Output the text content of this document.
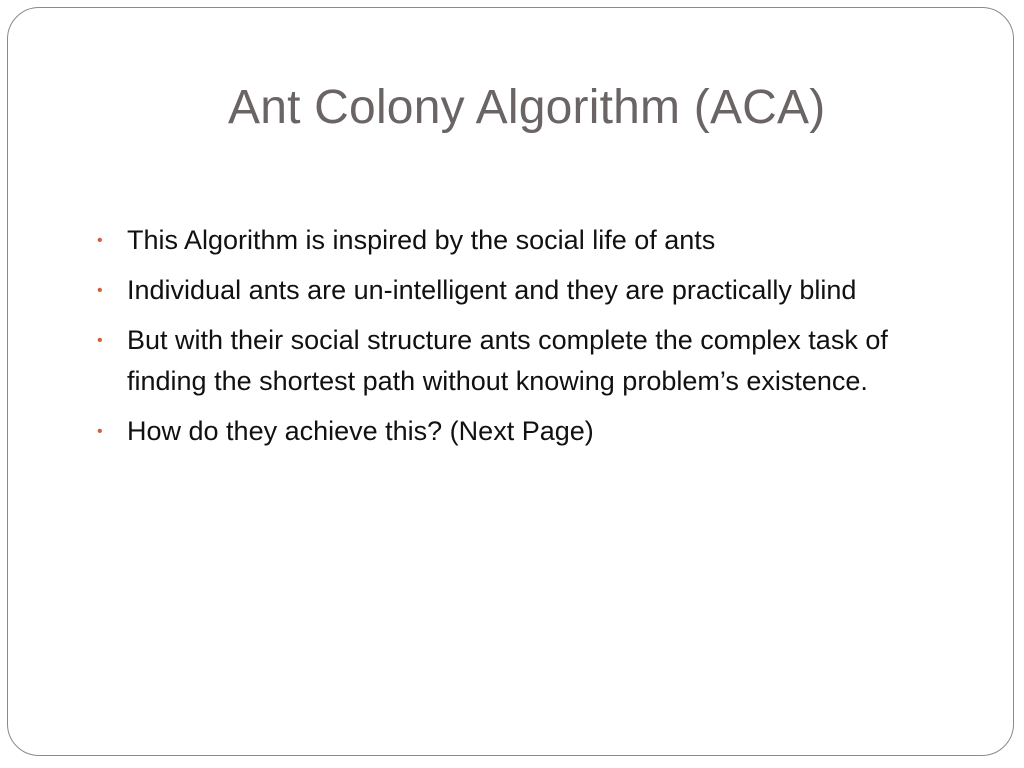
Ant Colony Algorithm (ACA)
• This Algorithm is inspired by the social life of ants
• Individual ants are un-intelligent and they are practically blind
• But with their social structure ants complete the complex task of finding the shortest path without knowing problem’s existence.
• How do they achieve this? (Next Page)
